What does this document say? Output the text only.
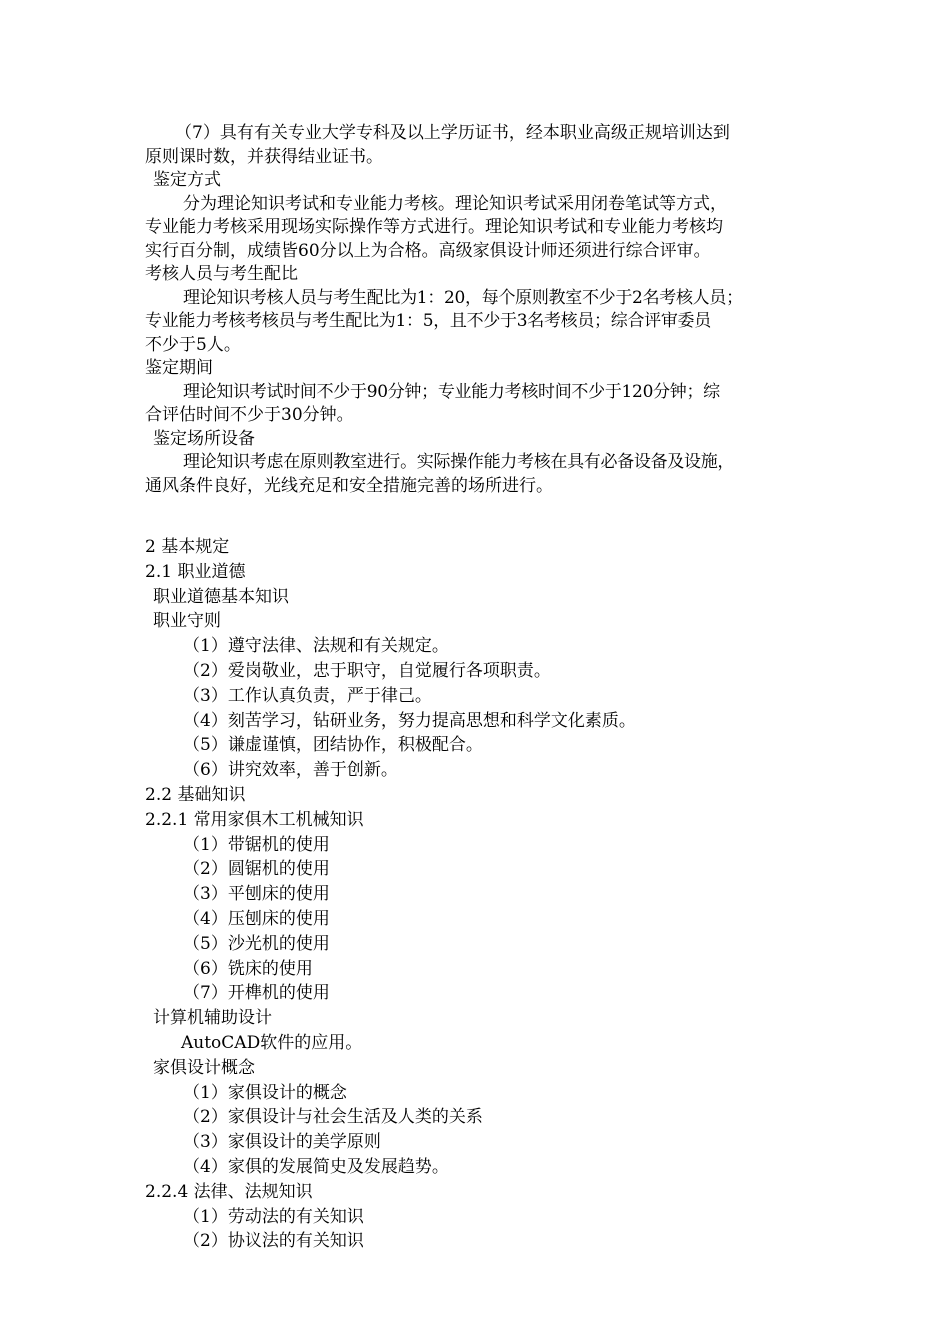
（7）具有有关专业大学专科及以上学历证书，经本职业高级正规培训达到
原则课时数，并获得结业证书。
鉴定方式
分为理论知识考试和专业能力考核。理论知识考试采用闭卷笔试等方式，
专业能力考核采用现场实际操作等方式进行。理论知识考试和专业能力考核均
实行百分制，成绩皆60分以上为合格。高级家俱设计师还须进行综合评审。
考核人员与考生配比
理论知识考核人员与考生配比为1：20，每个原则教室不少于2名考核人员；
专业能力考核考核员与考生配比为1：5，且不少于3名考核员；综合评审委员
不少于5人。
鉴定期间
理论知识考试时间不少于90分钟；专业能力考核时间不少于120分钟；综
合评估时间不少于30分钟。
鉴定场所设备
理论知识考虑在原则教室进行。实际操作能力考核在具有必备设备及设施，
通风条件良好，光线充足和安全措施完善的场所进行。
2 基本规定
2.1 职业道德
职业道德基本知识
职业守则
（1）遵守法律、法规和有关规定。
（2）爱岗敬业，忠于职守，自觉履行各项职责。
（3）工作认真负责，严于律己。
（4）刻苦学习，钻研业务，努力提高思想和科学文化素质。
（5）谦虚谨慎，团结协作，积极配合。
（6）讲究效率，善于创新。
2.2 基础知识
2.2.1 常用家俱木工机械知识
（1）带锯机的使用
（2）圆锯机的使用
（3）平刨床的使用
（4）压刨床的使用
（5）沙光机的使用
（6）铣床的使用
（7）开榫机的使用
计算机辅助设计
AutoCAD软件的应用。
家俱设计概念
（1）家俱设计的概念
（2）家俱设计与社会生活及人类的关系
（3）家俱设计的美学原则
（4）家俱的发展简史及发展趋势。
2.2.4 法律、法规知识
（1）劳动法的有关知识
（2）协议法的有关知识
